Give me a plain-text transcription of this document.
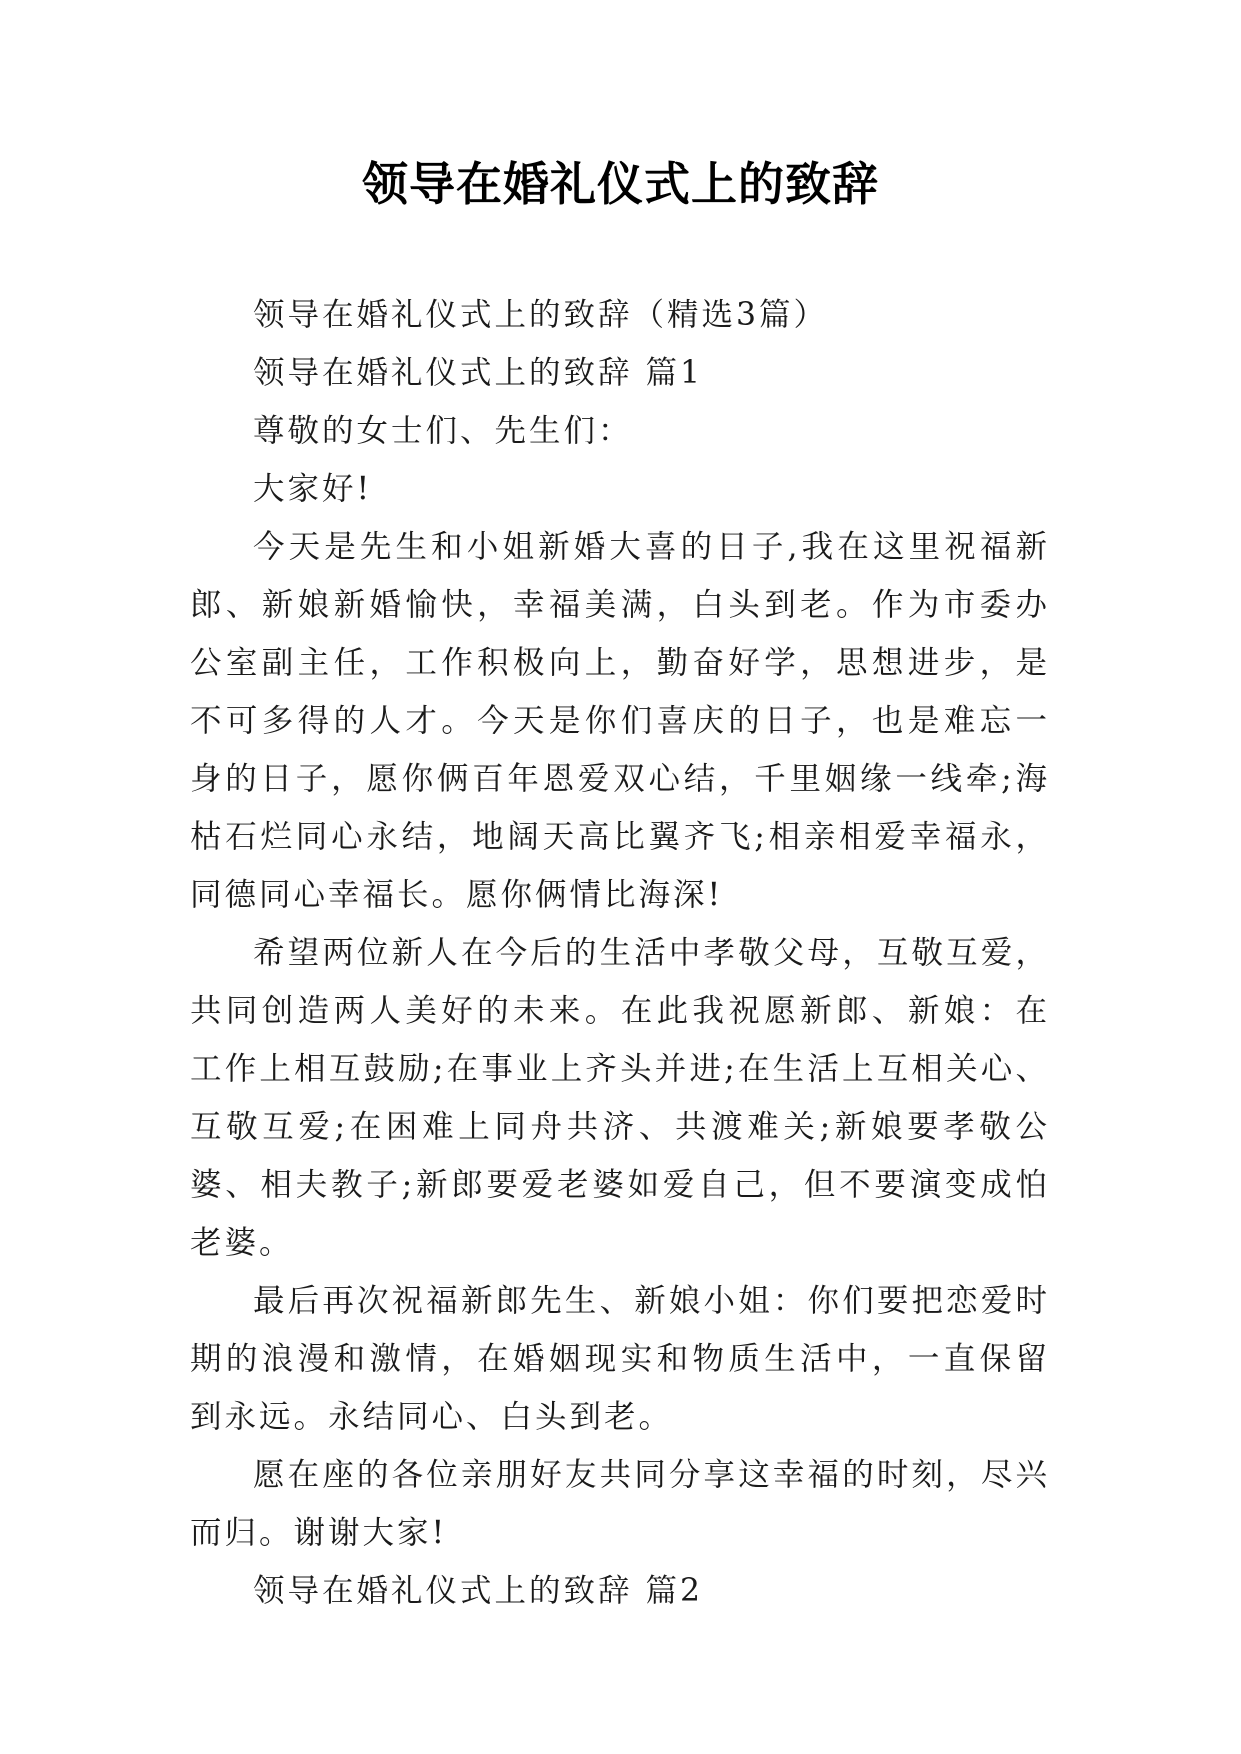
领导在婚礼仪式上的致辞

领导在婚礼仪式上的致辞（精选3篇）

领导在婚礼仪式上的致辞 篇1

尊敬的女士们、先生们：

大家好!

今天是先生和小姐新婚大喜的日子,我在这里祝福新郎、新娘新婚愉快，幸福美满，白头到老。作为市委办公室副主任，工作积极向上，勤奋好学，思想进步，是不可多得的人才。今天是你们喜庆的日子，也是难忘一身的日子，愿你俩百年恩爱双心结，千里姻缘一线牵;海枯石烂同心永结，地阔天高比翼齐飞;相亲相爱幸福永，同德同心幸福长。愿你俩情比海深!

希望两位新人在今后的生活中孝敬父母，互敬互爱，共同创造两人美好的未来。在此我祝愿新郎、新娘：在工作上相互鼓励;在事业上齐头并进;在生活上互相关心、互敬互爱;在困难上同舟共济、共渡难关;新娘要孝敬公婆、相夫教子;新郎要爱老婆如爱自己，但不要演变成怕老婆。

最后再次祝福新郎先生、新娘小姐：你们要把恋爱时期的浪漫和激情，在婚姻现实和物质生活中，一直保留到永远。永结同心、白头到老。

愿在座的各位亲朋好友共同分享这幸福的时刻，尽兴而归。谢谢大家!

领导在婚礼仪式上的致辞 篇2
